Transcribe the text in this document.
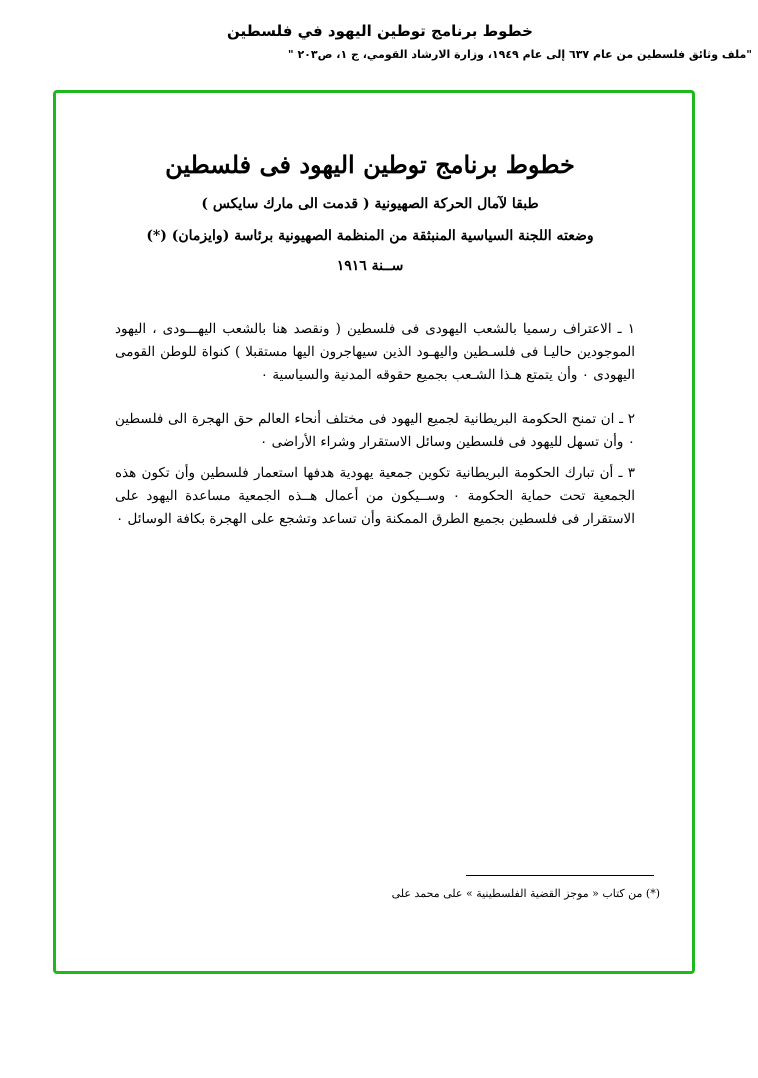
خطوط برنامج توطين اليهود في فلسطين
"ملف وثائق فلسطين من عام ٦٣٧ إلى عام ١٩٤٩، وزارة الارشاد القومي، ج ١، ص٢٠٣ "
خطوط برنامج توطين اليهود فى فلسطين
طبقا لآمال الحركة الصهيونية ( قدمت الى مارك سايكس )
وضعته اللجنة السياسية المنبثقة من المنظمة الصهيونية برئاسة (وايزمان) (*)
ســنة ١٩١٦
١ ـ الاعتراف رسميا بالشعب اليهودى فى فلسطين ( ونقصد هنا بالشعب اليهـــودى ، اليهود الموجودين حاليـا فى فلسـطين واليهـود الذين سيهاجرون اليها مستقبلا ) كنواة للوطن القومى اليهودى ٠ وأن يتمتع هـذا الشـعب بجميع حقوقه المدنية والسياسية ٠
٢ ـ ان تمنح الحكومة البريطانية لجميع اليهود فى مختلف أنحاء العالم حق الهجرة الى فلسطين ٠ وأن تسهل لليهود فى فلسطين وسائل الاستقرار وشراء الأراضى ٠
٣ ـ أن تبارك الحكومة البريطانية تكوين جمعية يهودية هدفها استعمار فلسطين وأن تكون هذه الجمعية تحت حماية الحكومة ٠ وســيكون من أعمال هــذه الجمعية مساعدة اليهود على الاستقرار فى فلسطين بجميع الطرق الممكنة وأن تساعد وتشجع على الهجرة بكافة الوسائل ٠
(*) من كتاب « موجز القضية الفلسطينية » على محمد على
